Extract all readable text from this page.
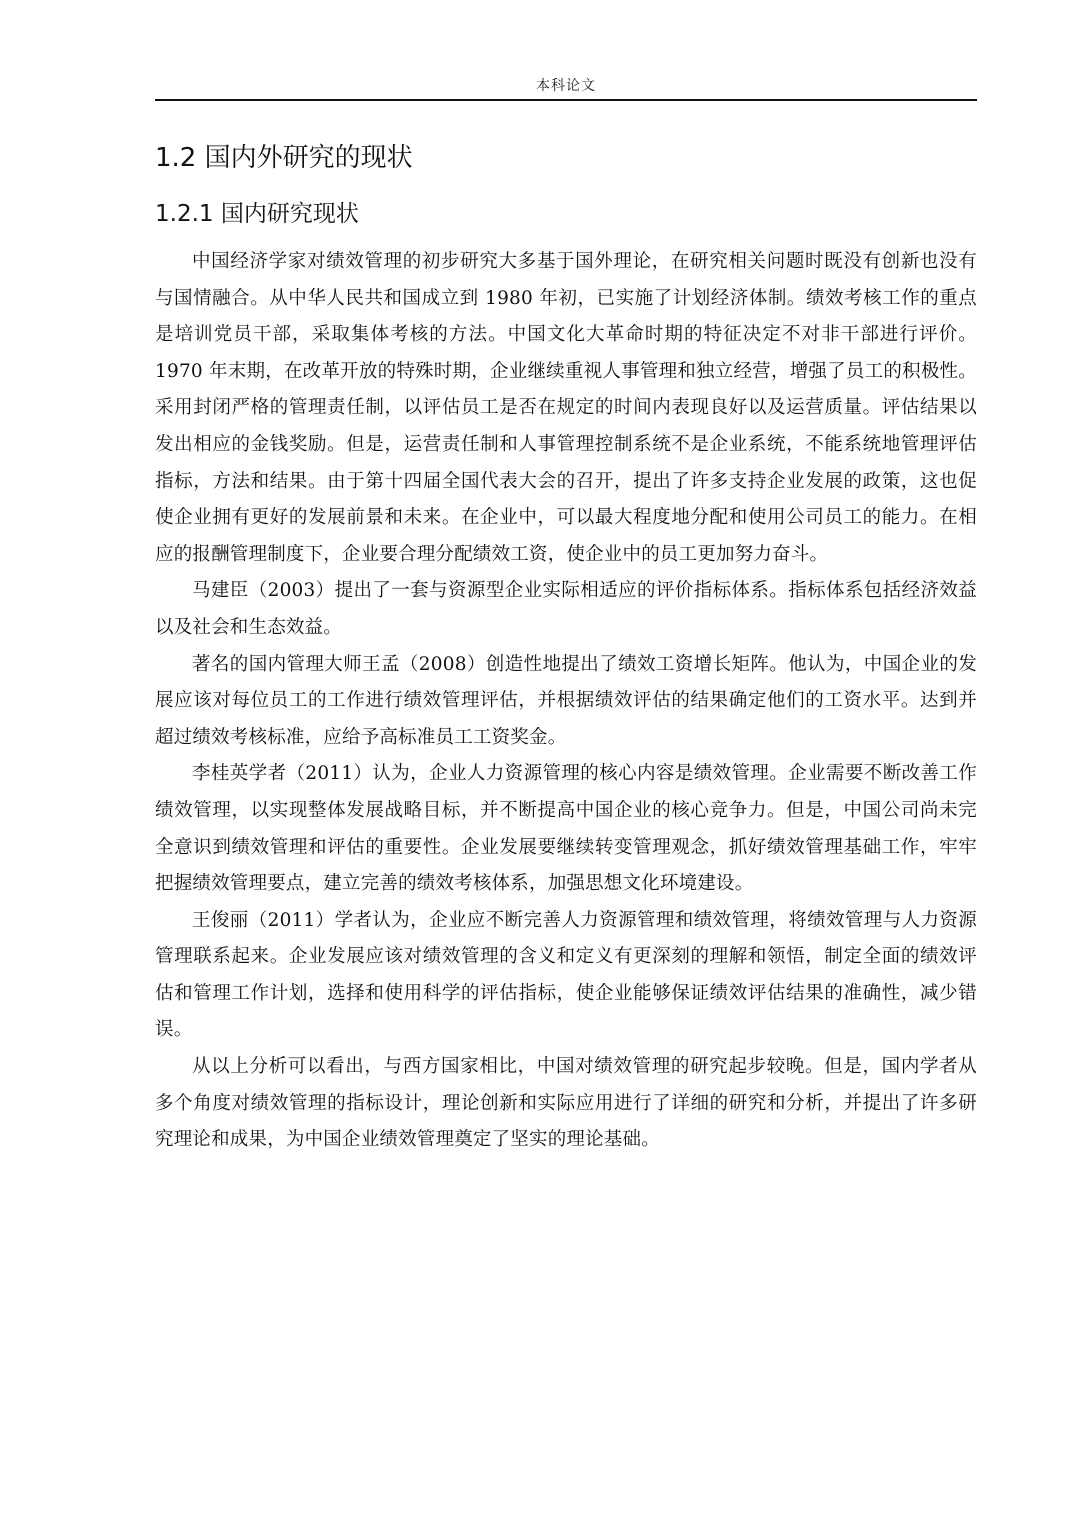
本科论文
1.2 国内外研究的现状
1.2.1 国内研究现状

中国经济学家对绩效管理的初步研究大多基于国外理论，在研究相关问题时既没有创新也没有与国情融合。从中华人民共和国成立到 1980 年初，已实施了计划经济体制。绩效考核工作的重点是培训党员干部，采取集体考核的方法。中国文化大革命时期的特征决定不对非干部进行评价。1970 年末期，在改革开放的特殊时期，企业继续重视人事管理和独立经营，增强了员工的积极性。采用封闭严格的管理责任制，以评估员工是否在规定的时间内表现良好以及运营质量。评估结果以发出相应的金钱奖励。但是，运营责任制和人事管理控制系统不是企业系统，不能系统地管理评估指标，方法和结果。由于第十四届全国代表大会的召开，提出了许多支持企业发展的政策，这也促使企业拥有更好的发展前景和未来。在企业中，可以最大程度地分配和使用公司员工的能力。在相应的报酬管理制度下，企业要合理分配绩效工资，使企业中的员工更加努力奋斗。

马建臣（2003）提出了一套与资源型企业实际相适应的评价指标体系。指标体系包括经济效益以及社会和生态效益。

著名的国内管理大师王孟（2008）创造性地提出了绩效工资增长矩阵。他认为，中国企业的发展应该对每位员工的工作进行绩效管理评估，并根据绩效评估的结果确定他们的工资水平。达到并超过绩效考核标准，应给予高标准员工工资奖金。

李桂英学者（2011）认为，企业人力资源管理的核心内容是绩效管理。企业需要不断改善工作绩效管理，以实现整体发展战略目标，并不断提高中国企业的核心竞争力。但是，中国公司尚未完全意识到绩效管理和评估的重要性。企业发展要继续转变管理观念，抓好绩效管理基础工作，牢牢把握绩效管理要点，建立完善的绩效考核体系，加强思想文化环境建设。

王俊丽（2011）学者认为，企业应不断完善人力资源管理和绩效管理，将绩效管理与人力资源管理联系起来。企业发展应该对绩效管理的含义和定义有更深刻的理解和领悟，制定全面的绩效评估和管理工作计划，选择和使用科学的评估指标，使企业能够保证绩效评估结果的准确性，减少错误。

从以上分析可以看出，与西方国家相比，中国对绩效管理的研究起步较晚。但是，国内学者从多个角度对绩效管理的指标设计，理论创新和实际应用进行了详细的研究和分析，并提出了许多研究理论和成果，为中国企业绩效管理奠定了坚实的理论基础。
